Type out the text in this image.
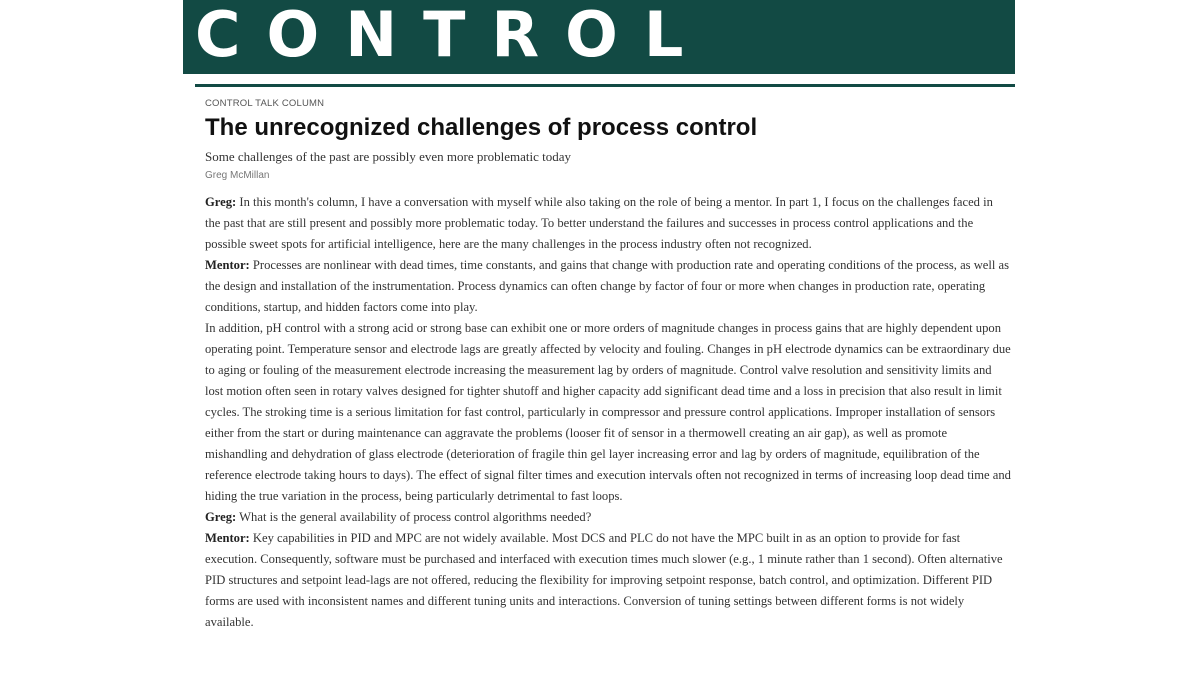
CONTROL

CONTROL TALK COLUMN

The unrecognized challenges of process control

Some challenges of the past are possibly even more problematic today

Greg McMillan

Greg: In this month's column, I have a conversation with myself while also taking on the role of being a mentor. In part 1, I focus on the challenges faced in the past that are still present and possibly more problematic today. To better understand the failures and successes in process control applications and the possible sweet spots for artificial intelligence, here are the many challenges in the process industry often not recognized.

Mentor: Processes are nonlinear with dead times, time constants, and gains that change with production rate and operating conditions of the process, as well as the design and installation of the instrumentation. Process dynamics can often change by factor of four or more when changes in production rate, operating conditions, startup, and hidden factors come into play.

In addition, pH control with a strong acid or strong base can exhibit one or more orders of magnitude changes in process gains that are highly dependent upon operating point. Temperature sensor and electrode lags are greatly affected by velocity and fouling. Changes in pH electrode dynamics can be extraordinary due to aging or fouling of the measurement electrode increasing the measurement lag by orders of magnitude. Control valve resolution and sensitivity limits and lost motion often seen in rotary valves designed for tighter shutoff and higher capacity add significant dead time and a loss in precision that also result in limit cycles. The stroking time is a serious limitation for fast control, particularly in compressor and pressure control applications. Improper installation of sensors either from the start or during maintenance can aggravate the problems (looser fit of sensor in a thermowell creating an air gap), as well as promote mishandling and dehydration of glass electrode (deterioration of fragile thin gel layer increasing error and lag by orders of magnitude, equilibration of the reference electrode taking hours to days). The effect of signal filter times and execution intervals often not recognized in terms of increasing loop dead time and hiding the true variation in the process, being particularly detrimental to fast loops.

Greg: What is the general availability of process control algorithms needed?

Mentor: Key capabilities in PID and MPC are not widely available. Most DCS and PLC do not have the MPC built in as an option to provide for fast execution. Consequently, software must be purchased and interfaced with execution times much slower (e.g., 1 minute rather than 1 second). Often alternative PID structures and setpoint lead-lags are not offered, reducing the flexibility for improving setpoint response, batch control, and optimization. Different PID forms are used with inconsistent names and different tuning units and interactions. Conversion of tuning settings between different forms is not widely available.
